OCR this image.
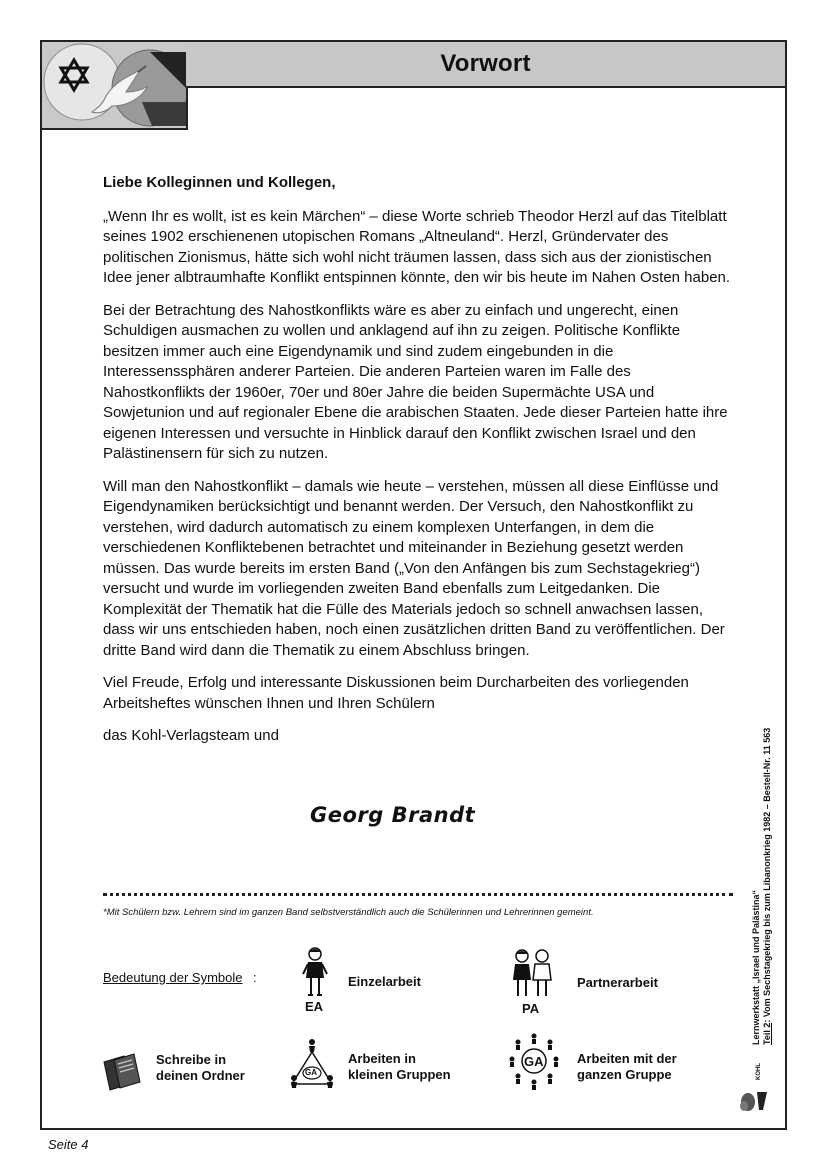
Vorwort

Liebe Kolleginnen und Kollegen,

„Wenn Ihr es wollt, ist es kein Märchen“ – diese Worte schrieb Theodor Herzl auf das Titelblatt seines 1902 erschienenen utopischen Romans „Altneuland“. Herzl, Gründervater des politischen Zionismus, hätte sich wohl nicht träumen lassen, dass sich aus der zionistischen Idee jener albtraumhafte Konflikt entspinnen könnte, den wir bis heute im Nahen Osten haben.

Bei der Betrachtung des Nahostkonflikts wäre es aber zu einfach und ungerecht, einen Schuldigen ausmachen zu wollen und anklagend auf ihn zu zeigen. Politische Konflikte besitzen immer auch eine Eigendynamik und sind zudem eingebunden in die Interessenssphären anderer Parteien. Die anderen Parteien waren im Falle des Nahostkonflikts der 1960er, 70er und 80er Jahre die beiden Supermächte USA und Sowjetunion und auf regionaler Ebene die arabischen Staaten. Jede dieser Parteien hatte ihre eigenen Interessen und versuchte in Hinblick darauf den Konflikt zwischen Israel und den Palästinensern für sich zu nutzen.

Will man den Nahostkonflikt – damals wie heute – verstehen, müssen all diese Einflüsse und Eigendynamiken berücksichtigt und benannt werden. Der Versuch, den Nahostkonflikt zu verstehen, wird dadurch automatisch zu einem komplexen Unterfangen, in dem die verschiedenen Konfliktebenen betrachtet und miteinander in Beziehung gesetzt werden müssen. Das wurde bereits im ersten Band („Von den Anfängen bis zum Sechstagekrieg“) versucht und wurde im vorliegenden zweiten Band ebenfalls zum Leitgedanken. Die Komplexität der Thematik hat die Fülle des Materials jedoch so schnell anwachsen lassen, dass wir uns entschieden haben, noch einen zusätzlichen dritten Band zu veröffentlichen. Der dritte Band wird dann die Thematik zu einem Abschluss bringen.

Viel Freude, Erfolg und interessante Diskussionen beim Durcharbeiten des vorliegenden Arbeitsheftes wünschen Ihnen und Ihren Schülern

das Kohl-Verlagsteam und

Georg Brandt
*Mit Schülern bzw. Lehrern sind im ganzen Band selbstverständlich auch die Schülerinnen und Lehrerinnen gemeint.
Bedeutung der Symbole :
EA
Einzelarbeit
PA
Partnerarbeit
Schreibe in
deinen Ordner	GA
Arbeiten in
kleinen Gruppen
GA	Arbeiten mit der
ganzen Gruppe
Lernwerkstatt „Israel und Palästina“ Teil 2: Vom Sechstagekrieg bis zum Libanonkrieg 1982 – Bestell-Nr. 11 563
KOHL
Seite 4
